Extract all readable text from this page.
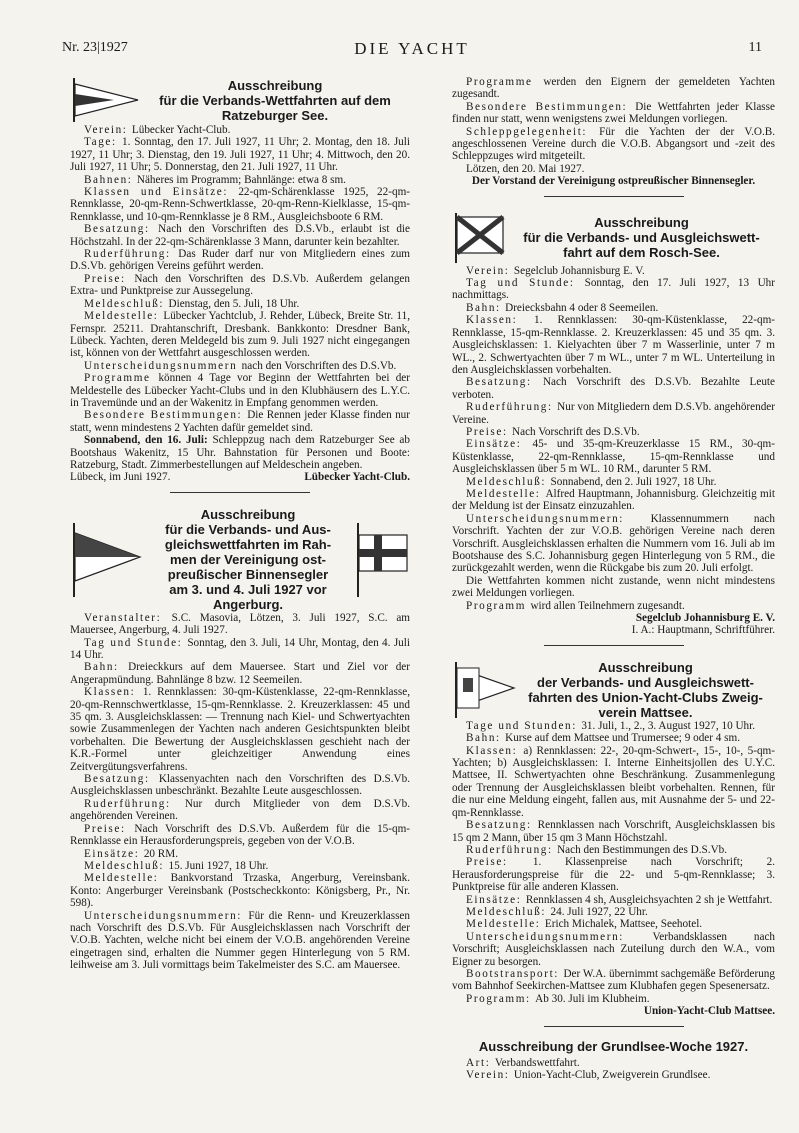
Nr. 23|1927	DIE YACHT	11
Ausschreibung
für die Verbands-Wettfahrten auf dem
Ratzeburger See.

Verein: Lübecker Yacht-Club.

Tage: 1. Sonntag, den 17. Juli 1927, 11 Uhr; 2. Montag, den 18. Juli 1927, 11 Uhr; 3. Dienstag, den 19. Juli 1927, 11 Uhr; 4. Mittwoch, den 20. Juli 1927, 11 Uhr; 5. Donnerstag, den 21. Juli 1927, 11 Uhr.

Bahnen: Näheres im Programm; Bahnlänge: etwa 8 sm.

Klassen und Einsätze: 22-qm-Schärenklasse 1925, 22-qm-Rennklasse, 20-qm-Renn-Schwertklasse, 20-qm-Renn-Kielklasse, 15-qm-Rennklasse, und 10-qm-Rennklasse je 8 RM., Ausgleichsboote 6 RM.

Besatzung: Nach den Vorschriften des D.S.Vb., erlaubt ist die Höchstzahl. In der 22-qm-Schärenklasse 3 Mann, darunter kein bezahlter.

Ruderführung: Das Ruder darf nur von Mitgliedern eines zum D.S.Vb. gehörigen Vereins geführt werden.

Preise: Nach den Vorschriften des D.S.Vb. Außerdem gelangen Extra- und Punktpreise zur Aussegelung.

Meldeschluß: Dienstag, den 5. Juli, 18 Uhr.

Meldestelle: Lübecker Yachtclub, J. Rehder, Lübeck, Breite Str. 11, Fernspr. 25211. Drahtanschrift, Dresbank. Bankkonto: Dresdner Bank, Lübeck. Yachten, deren Meldegeld bis zum 9. Juli 1927 nicht eingegangen ist, können von der Wettfahrt ausgeschlossen werden.

Unterscheidungsnummern nach den Vorschriften des D.S.Vb.

Programme können 4 Tage vor Beginn der Wettfahrten bei der Meldestelle des Lübecker Yacht-Clubs und in den Klubhäusern des L.Y.C. in Travemünde und an der Wakenitz in Empfang genommen werden.

Besondere Bestimmungen: Die Rennen jeder Klasse finden nur statt, wenn mindestens 2 Yachten dafür gemeldet sind.

Sonnabend, den 16. Juli: Schleppzug nach dem Ratzeburger See ab Bootshaus Wakenitz, 15 Uhr. Bahnstation für Personen und Boote: Ratzeburg, Stadt. Zimmerbestellungen auf Meldeschein angeben.

Lübeck, im Juni 1927.	Lübecker Yacht-Club.

Ausschreibung
für die Verbands- und Aus-
gleichswettfahrten im Rah-
men der Vereinigung ost-
preußischer Binnensegler
am 3. und 4. Juli 1927 vor
Angerburg.

Veranstalter: S.C. Masovia, Lötzen, 3. Juli 1927, S.C. am Mauersee, Angerburg, 4. Juli 1927.

Tag und Stunde: Sonntag, den 3. Juli, 14 Uhr, Montag, den 4. Juli 14 Uhr.

Bahn: Dreieckkurs auf dem Mauersee. Start und Ziel vor der Angerapmündung. Bahnlänge 8 bzw. 12 Seemeilen.

Klassen: 1. Rennklassen: 30-qm-Küstenklasse, 22-qm-Rennklasse, 20-qm-Rennschwertklasse, 15-qm-Rennklasse. 2. Kreuzerklassen: 45 und 35 qm. 3. Ausgleichsklassen: — Trennung nach Kiel- und Schwertyachten sowie Zusammenlegen der Yachten nach anderen Gesichtspunkten bleibt vorbehalten. Die Bewertung der Ausgleichsklassen geschieht nach der K.R.-Formel unter gleichzeitiger Anwendung eines Zeitvergütungsverfahrens.

Besatzung: Klassenyachten nach den Vorschriften des D.S.Vb. Ausgleichsklassen unbeschränkt. Bezahlte Leute ausgeschlossen.

Ruderführung: Nur durch Mitglieder von dem D.S.Vb. angehörenden Vereinen.

Preise: Nach Vorschrift des D.S.Vb. Außerdem für die 15-qm-Rennklasse ein Herausforderungspreis, gegeben von der V.O.B.

Einsätze: 20 RM.

Meldeschluß: 15. Juni 1927, 18 Uhr.

Meldestelle: Bankvorstand Trzaska, Angerburg, Vereinsbank. Konto: Angerburger Vereinsbank (Postscheckkonto: Königsberg, Pr., Nr. 598).

Unterscheidungsnummern: Für die Renn- und Kreuzerklassen nach Vorschrift des D.S.Vb. Für Ausgleichsklassen nach Vorschrift der V.O.B. Yachten, welche nicht bei einem der V.O.B. angehörenden Vereine eingetragen sind, erhalten die Nummer gegen Hinterlegung von 5 RM. leihweise am 3. Juli vormittags beim Takelmeister des S.C. am Mauersee.

Programme werden den Eignern der gemeldeten Yachten zugesandt.

Besondere Bestimmungen: Die Wettfahrten jeder Klasse finden nur statt, wenn wenigstens zwei Meldungen vorliegen.

Schleppgelegenheit: Für die Yachten der der V.O.B. angeschlossenen Vereine durch die V.O.B. Abgangsort und -zeit des Schleppzuges wird mitgeteilt.

Lötzen, den 20. Mai 1927.

Der Vorstand der Vereinigung ostpreußischer Binnensegler.

Ausschreibung
für die Verbands- und Ausgleichswett-
fahrt auf dem Rosch-See.

Verein: Segelclub Johannisburg E. V.

Tag und Stunde: Sonntag, den 17. Juli 1927, 13 Uhr nachmittags.

Bahn: Dreiecksbahn 4 oder 8 Seemeilen.

Klassen: 1. Rennklassen: 30-qm-Küstenklasse, 22-qm-Rennklasse, 15-qm-Rennklasse. 2. Kreuzerklassen: 45 und 35 qm. 3. Ausgleichsklassen: 1. Kielyachten über 7 m Wasserlinie, unter 7 m WL., 2. Schwertyachten über 7 m WL., unter 7 m WL. Unterteilung in den Ausgleichsklassen vorbehalten.

Besatzung: Nach Vorschrift des D.S.Vb. Bezahlte Leute verboten.

Ruderführung: Nur von Mitgliedern dem D.S.Vb. angehörender Vereine.

Preise: Nach Vorschrift des D.S.Vb.

Einsätze: 45- und 35-qm-Kreuzerklasse 15 RM., 30-qm-Küstenklasse, 22-qm-Rennklasse, 15-qm-Rennklasse und Ausgleichsklassen über 5 m WL. 10 RM., darunter 5 RM.

Meldeschluß: Sonnabend, den 2. Juli 1927, 18 Uhr.

Meldestelle: Alfred Hauptmann, Johannisburg. Gleichzeitig mit der Meldung ist der Einsatz einzuzahlen.

Unterscheidungsnummern: Klassennummern nach Vorschrift. Yachten der zur V.O.B. gehörigen Vereine nach deren Vorschrift. Ausgleichsklassen erhalten die Nummern vom 16. Juli ab im Bootshause des S.C. Johannisburg gegen Hinterlegung von 5 RM., die zurückgezahlt werden, wenn die Rückgabe bis zum 20. Juli erfolgt.

Die Wettfahrten kommen nicht zustande, wenn nicht mindestens zwei Meldungen vorliegen.

Programm wird allen Teilnehmern zugesandt.

Segelclub Johannisburg E. V.

I. A.: Hauptmann, Schriftführer.

Ausschreibung
der Verbands- und Ausgleichswett-
fahrten des Union-Yacht-Clubs Zweig-
verein Mattsee.

Tage und Stunden: 31. Juli, 1., 2., 3. August 1927, 10 Uhr.

Bahn: Kurse auf dem Mattsee und Trumersee; 9 oder 4 sm.

Klassen: a) Rennklassen: 22-, 20-qm-Schwert-, 15-, 10-, 5-qm-Yachten; b) Ausgleichsklassen: I. Interne Einheitsjollen des U.Y.C. Mattsee, II. Schwertyachten ohne Beschränkung. Zusammenlegung oder Trennung der Ausgleichsklassen bleibt vorbehalten. Rennen, für die nur eine Meldung eingeht, fallen aus, mit Ausnahme der 5- und 22-qm-Rennklasse.

Besatzung: Rennklassen nach Vorschrift, Ausgleichsklassen bis 15 qm 2 Mann, über 15 qm 3 Mann Höchstzahl.

Ruderführung: Nach den Bestimmungen des D.S.Vb.

Preise: 1. Klassenpreise nach Vorschrift; 2. Herausforderungspreise für die 22- und 5-qm-Rennklasse; 3. Punktpreise für alle anderen Klassen.

Einsätze: Rennklassen 4 sh, Ausgleichsyachten 2 sh je Wettfahrt.

Meldeschluß: 24. Juli 1927, 22 Uhr.

Meldestelle: Erich Michalek, Mattsee, Seehotel.

Unterscheidungsnummern: Verbandsklassen nach Vorschrift; Ausgleichsklassen nach Zuteilung durch den W.A., vom Eigner zu besorgen.

Bootstransport: Der W.A. übernimmt sachgemäße Beförderung vom Bahnhof Seekirchen-Mattsee zum Klubhafen gegen Spesenersatz.

Programm: Ab 30. Juli im Klubheim.

Union-Yacht-Club Mattsee.

Ausschreibung der Grundlsee-Woche 1927.

Art: Verbandswettfahrt.

Verein: Union-Yacht-Club, Zweigverein Grundlsee.
